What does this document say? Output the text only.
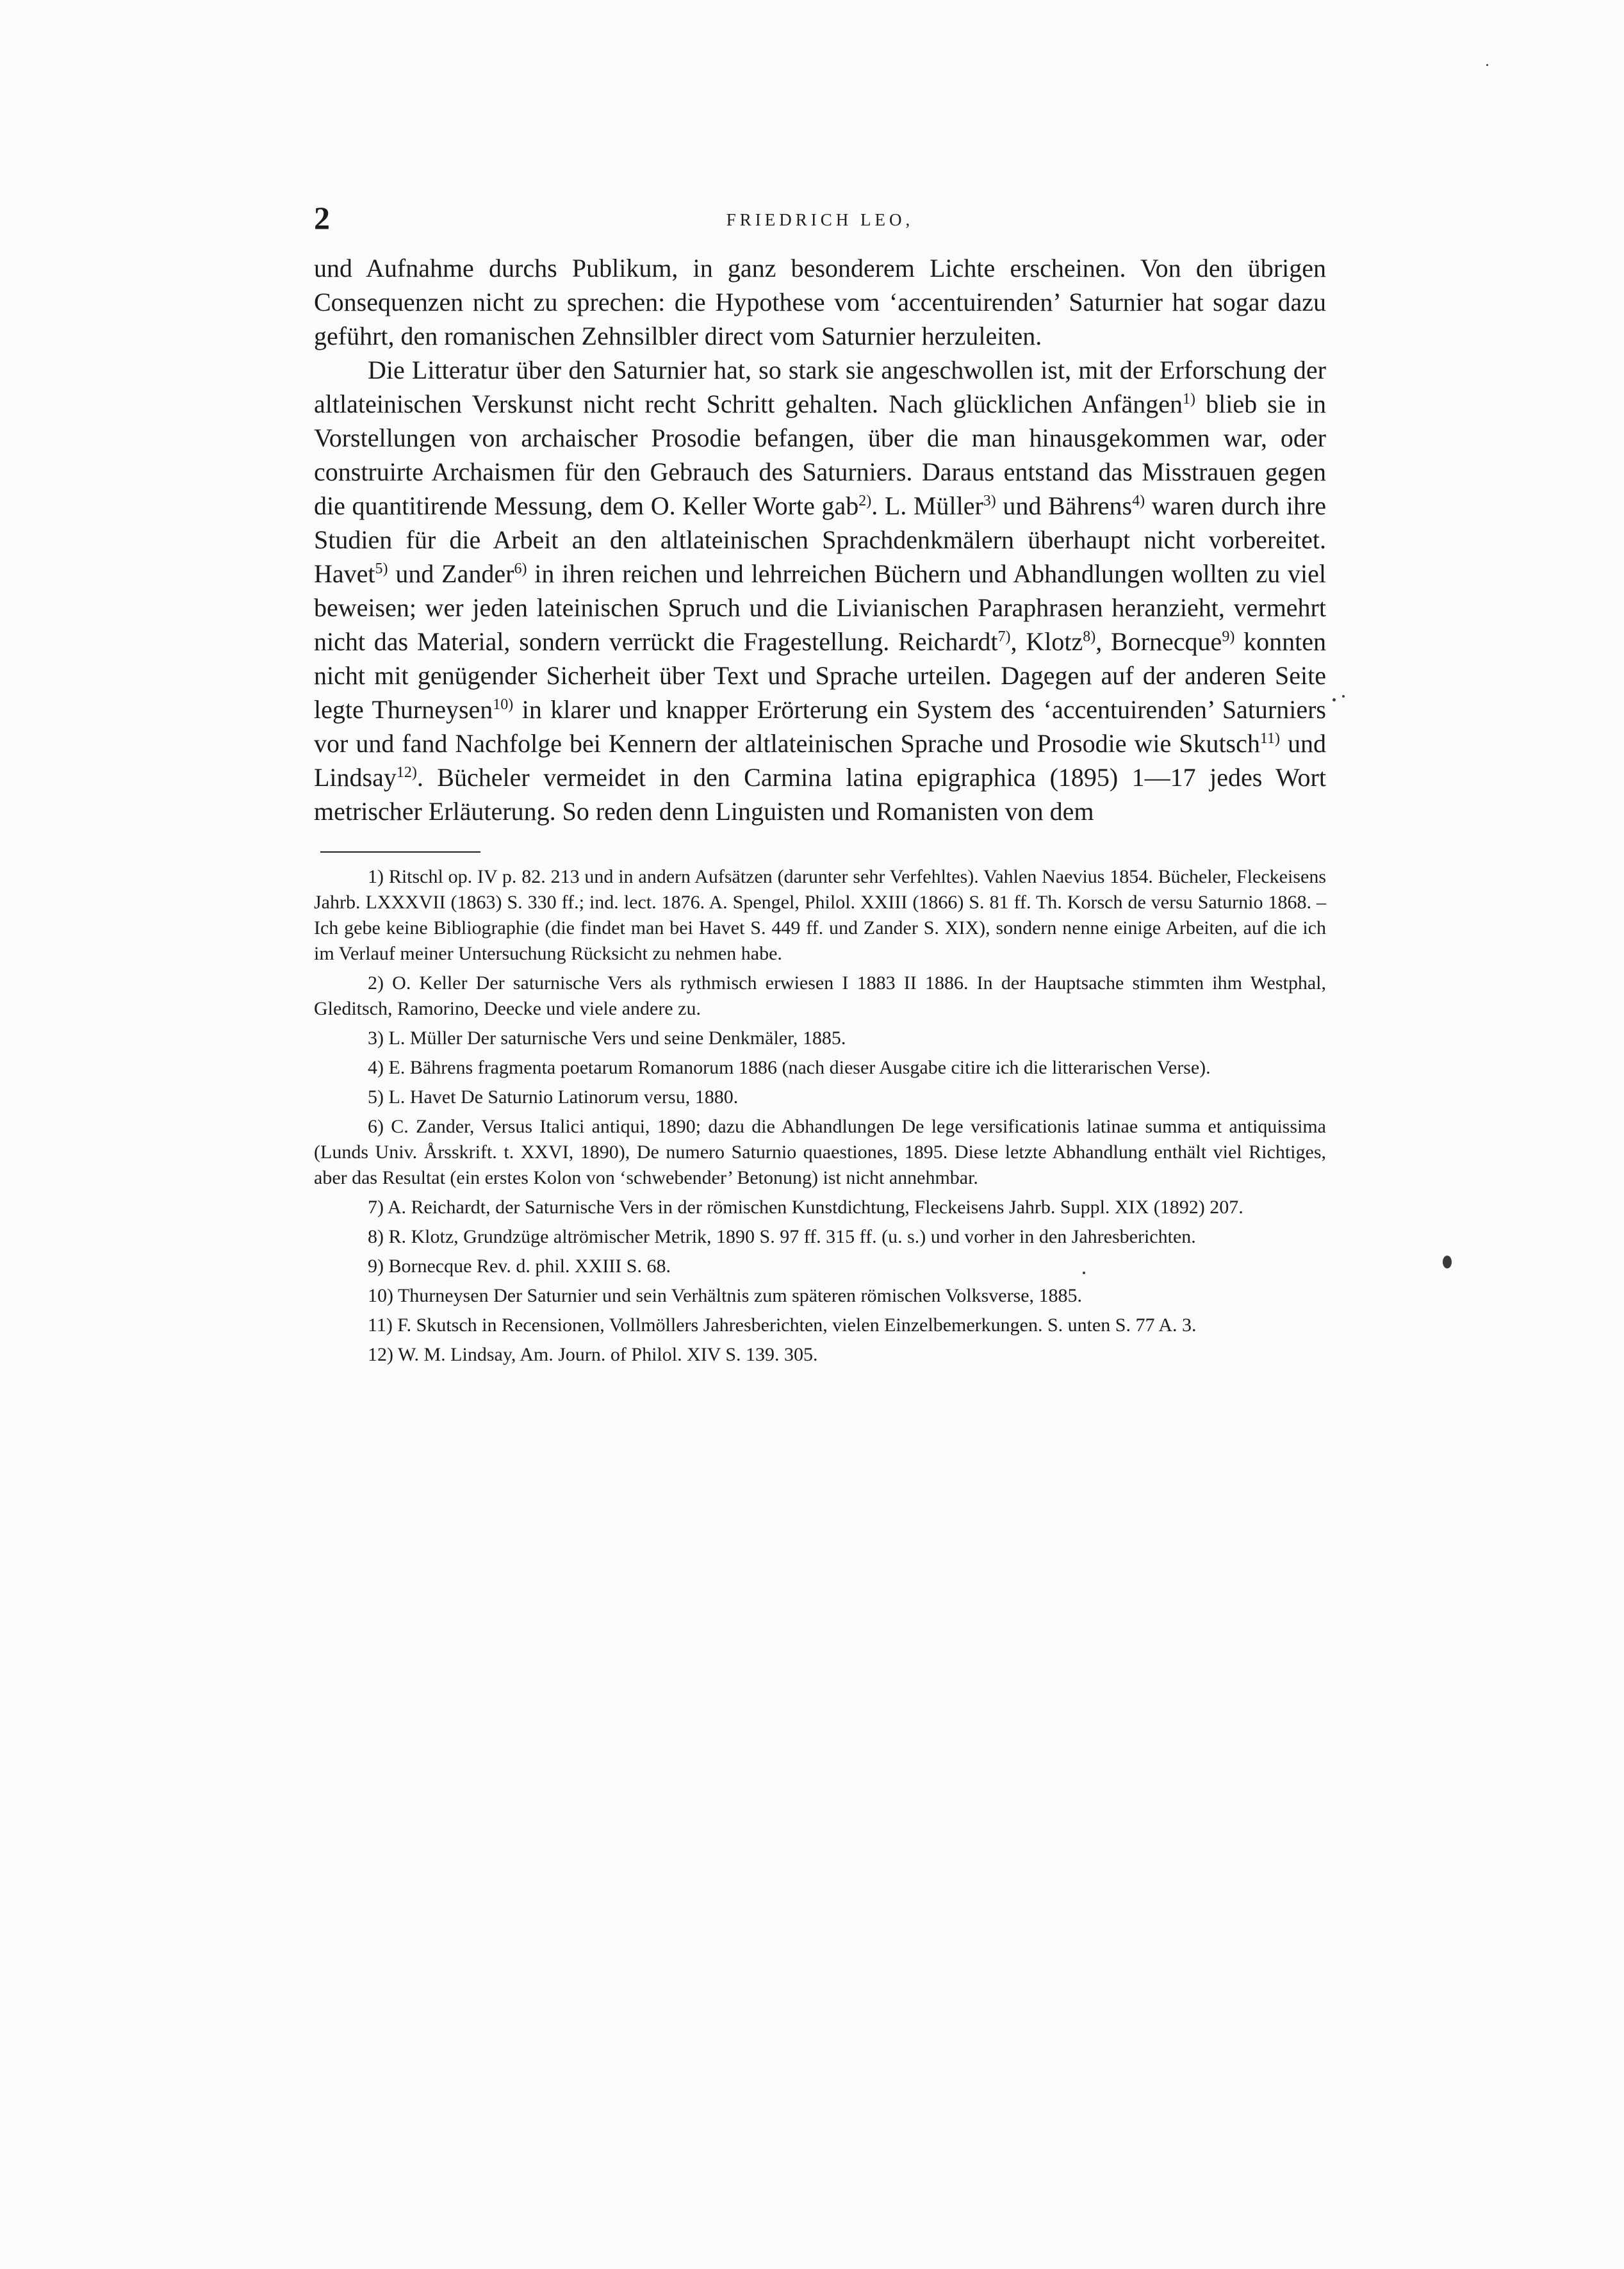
2	FRIEDRICH LEO,

und Aufnahme durchs Publikum, in ganz besonderem Lichte erscheinen. Von den übrigen Consequenzen nicht zu sprechen: die Hypothese vom ‘accentuirenden’ Saturnier hat sogar dazu geführt, den romanischen Zehnsilbler direct vom Saturnier herzuleiten.

Die Litteratur über den Saturnier hat, so stark sie angeschwollen ist, mit der Erforschung der altlateinischen Verskunst nicht recht Schritt gehalten. Nach glücklichen Anfängen$^{1)}$ blieb sie in Vorstellungen von archaischer Prosodie befangen, über die man hinausgekommen war, oder construirte Archaismen für den Gebrauch des Saturniers. Daraus entstand das Misstrauen gegen die quantitirende Messung, dem O. Keller Worte gab$^{2)}$. L. Müller$^{3)}$ und Bährens$^{4)}$ waren durch ihre Studien für die Arbeit an den altlateinischen Sprachdenkmälern überhaupt nicht vorbereitet. Havet$^{5)}$ und Zander$^{6)}$ in ihren reichen und lehrreichen Büchern und Abhandlungen wollten zu viel beweisen; wer jeden lateinischen Spruch und die Livianischen Paraphrasen heranzieht, vermehrt nicht das Material, sondern verrückt die Fragestellung. Reichardt$^{7)}$, Klotz$^{8)}$, Bornecque$^{9)}$ konnten nicht mit genügender Sicherheit über Text und Sprache urteilen. Dagegen auf der anderen Seite legte Thurneysen$^{10)}$ in klarer und knapper Erörterung ein System des ‘accentuirenden’ Saturniers vor und fand Nachfolge bei Kennern der altlateinischen Sprache und Prosodie wie Skutsch$^{11)}$ und Lindsay$^{12)}$. Bücheler vermeidet in den Carmina latina epigraphica (1895) 1—17 jedes Wort metrischer Erläuterung. So reden denn Linguisten und Romanisten von dem

1) Ritschl op. IV p. 82. 213 und in andern Aufsätzen (darunter sehr Verfehltes). Vahlen Naevius 1854. Bücheler, Fleckeisens Jahrb. LXXXVII (1863) S. 330 ff.; ind. lect. 1876. A. Spengel, Philol. XXIII (1866) S. 81 ff. Th. Korsch de versu Saturnio 1868. – Ich gebe keine Bibliographie (die findet man bei Havet S. 449 ff. und Zander S. XIX), sondern nenne einige Arbeiten, auf die ich im Verlauf meiner Untersuchung Rücksicht zu nehmen habe.

2) O. Keller Der saturnische Vers als rythmisch erwiesen I 1883 II 1886. In der Hauptsache stimmten ihm Westphal, Gleditsch, Ramorino, Deecke und viele andere zu.

3) L. Müller Der saturnische Vers und seine Denkmäler, 1885.

4) E. Bährens fragmenta poetarum Romanorum 1886 (nach dieser Ausgabe citire ich die litterarischen Verse).

5) L. Havet De Saturnio Latinorum versu, 1880.

6) C. Zander, Versus Italici antiqui, 1890; dazu die Abhandlungen De lege versificationis latinae summa et antiquissima (Lunds Univ. Årsskrift. t. XXVI, 1890), De numero Saturnio quaestiones, 1895. Diese letzte Abhandlung enthält viel Richtiges, aber das Resultat (ein erstes Kolon von ‘schwebender’ Betonung) ist nicht annehmbar.

7) A. Reichardt, der Saturnische Vers in der römischen Kunstdichtung, Fleckeisens Jahrb. Suppl. XIX (1892) 207.

8) R. Klotz, Grundzüge altrömischer Metrik, 1890 S. 97 ff. 315 ff. (u. s.) und vorher in den Jahresberichten.

9) Bornecque Rev. d. phil. XXIII S. 68.

10) Thurneysen Der Saturnier und sein Verhältnis zum späteren römischen Volksverse, 1885.

11) F. Skutsch in Recensionen, Vollmöllers Jahresberichten, vielen Einzelbemerkungen. S. unten S. 77 A. 3.

12) W. M. Lindsay, Am. Journ. of Philol. XIV S. 139. 305.
